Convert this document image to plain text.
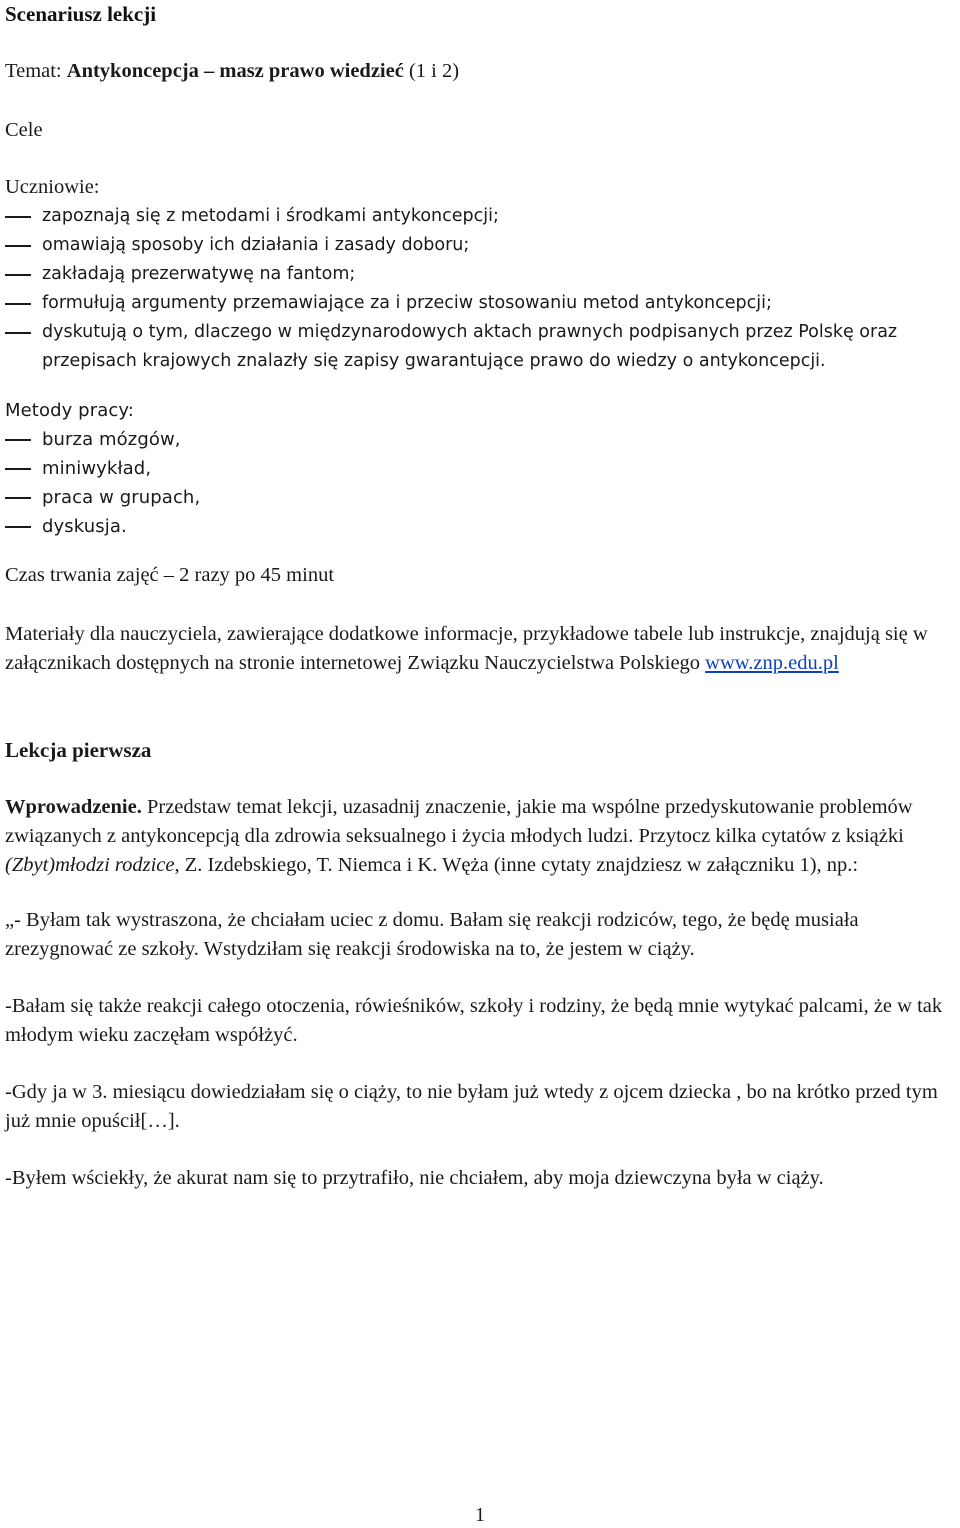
Scenariusz lekcji

Temat: Antykoncepcja – masz prawo wiedzieć (1 i 2)

Cele

Uczniowie:

zapoznają się z metodami i środkami antykoncepcji;
omawiają sposoby ich działania i zasady doboru;
zakładają prezerwatywę na fantom;
formułują argumenty przemawiające za i przeciw stosowaniu metod antykoncepcji;
dyskutują o tym, dlaczego w międzynarodowych aktach prawnych podpisanych przez Polskę oraz przepisach krajowych znalazły się zapisy gwarantujące prawo do wiedzy o antykoncepcji.

Metody pracy:

burza mózgów,
miniwykład,
praca w grupach,
dyskusja.

Czas trwania zajęć – 2 razy po 45 minut

Materiały dla nauczyciela, zawierające dodatkowe informacje, przykładowe tabele lub instrukcje, znajdują się w załącznikach dostępnych na stronie internetowej Związku Nauczycielstwa Polskiego www.znp.edu.pl

Lekcja pierwsza

Wprowadzenie. Przedstaw temat lekcji, uzasadnij znaczenie, jakie ma wspólne przedyskutowanie problemów związanych z antykoncepcją dla zdrowia seksualnego i życia młodych ludzi. Przytocz kilka cytatów z książki (Zbyt)młodzi rodzice, Z. Izdebskiego, T. Niemca i K. Węża (inne cytaty znajdziesz w załączniku 1), np.:

„- Byłam tak wystraszona, że chciałam uciec z domu. Bałam się reakcji rodziców, tego, że będę musiała zrezygnować ze szkoły. Wstydziłam się reakcji środowiska na to, że jestem w ciąży.

-Bałam się także reakcji całego otoczenia, rówieśników, szkoły i rodziny, że będą mnie wytykać palcami, że w tak młodym wieku zaczęłam współżyć.

-Gdy ja w 3. miesiącu dowiedziałam się o ciąży, to nie byłam już wtedy z ojcem dziecka , bo na krótko przed tym już mnie opuścił[…].

-Byłem wściekły, że akurat nam się to przytrafiło, nie chciałem, aby moja dziewczyna była w ciąży.

1
